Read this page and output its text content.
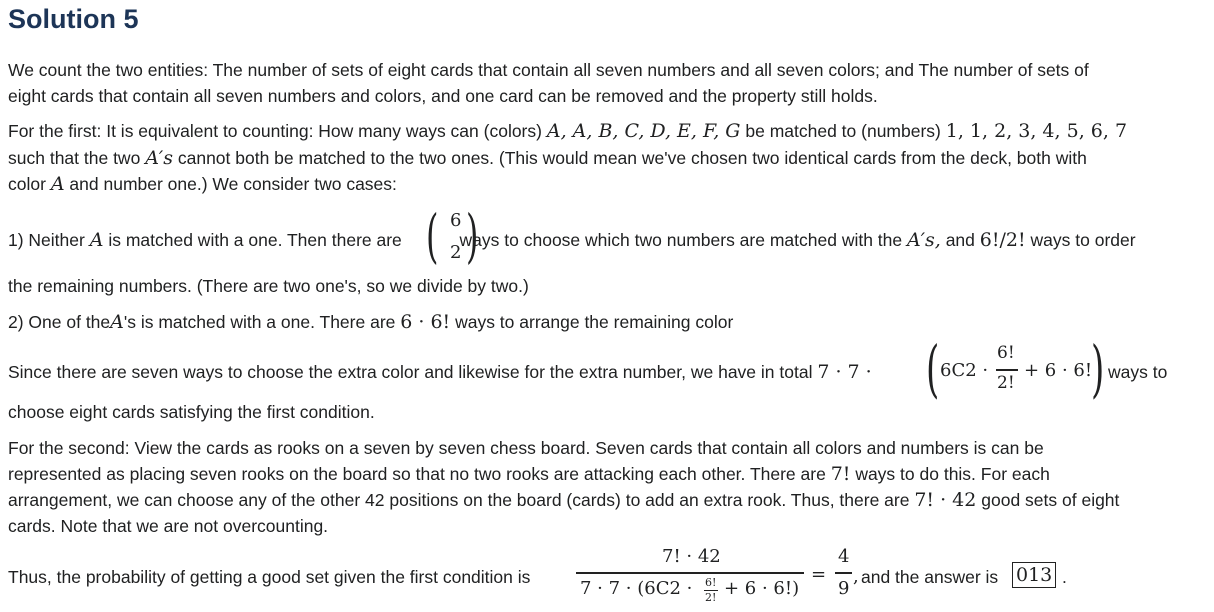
Solution 5
We count the two entities: The number of sets of eight cards that contain all seven numbers and all seven colors; and The number of sets of
eight cards that contain all seven numbers and colors, and one card can be removed and the property still holds.
For the first: It is equivalent to counting: How many ways can (colors) A, A, B, C, D, E, F, G be matched to (numbers) 1, 1, 2, 3, 4, 5, 6, 7
such that the two A′s cannot both be matched to the two ones. (This would mean we've chosen two identical cards from the deck, both with
color A and number one.) We consider two cases:
1) Neither A is matched with a one. Then there are	ways to choose which two numbers are matched with the A′s, and 6!/2! ways to order
( 6
2 )
the remaining numbers. (There are two one's, so we divide by two.)
2) One of theA's is matched with a one. There are 6 · 6! ways to arrange the remaining color
Since there are seven ways to choose the extra color and likewise for the extra number, we have in total 7 · 7 · ( 6C2 ·
6!
2!
+ 6 · 6!
) ways to
choose eight cards satisfying the first condition.
For the second: View the cards as rooks on a seven by seven chess board. Seven cards that contain all colors and numbers is can be
represented as placing seven rooks on the board so that no two rooks are attacking each other. There are 7! ways to do this. For each
arrangement, we can choose any of the other 42 positions on the board (cards) to add an extra rook. Thus, there are 7! · 42 good sets of eight
cards. Note that we are not overcounting.
Thus, the probability of getting a good set given the first condition is
7! · 42
7 · 7 · (6C2 · 6!
2! + 6 · 6!)
=
4
9
, and the answer is 013 .
